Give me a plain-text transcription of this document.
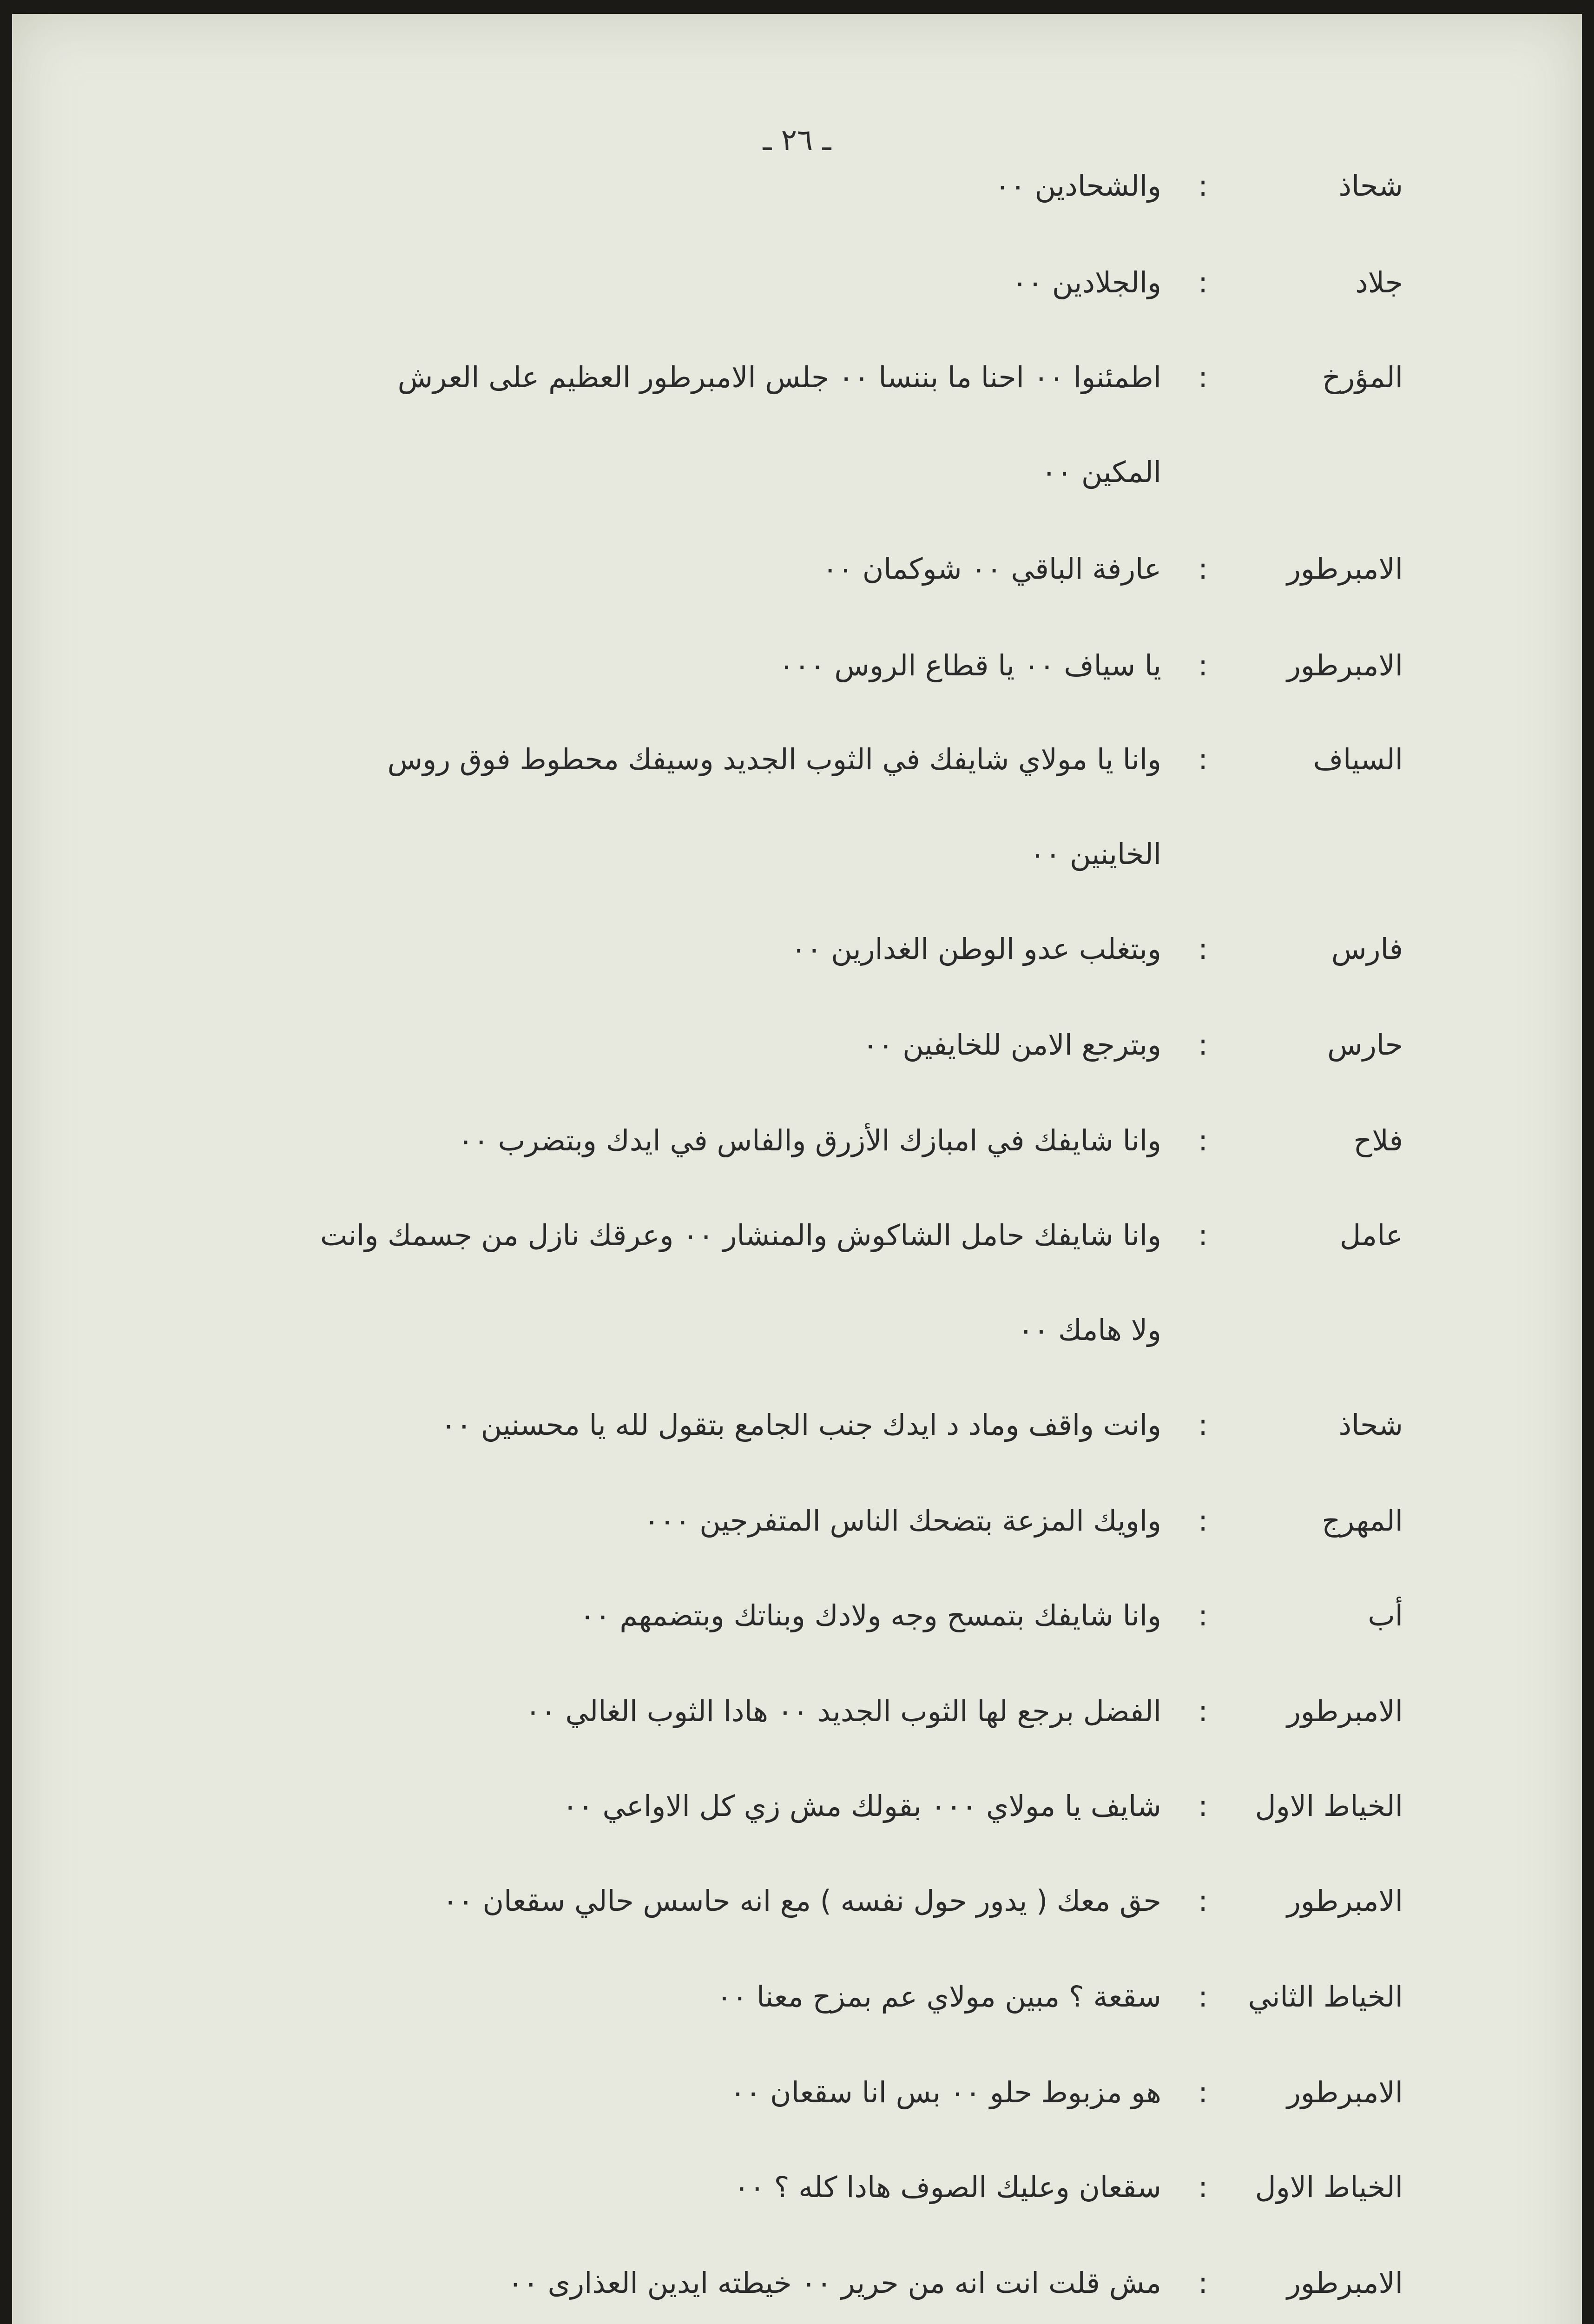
ـ ٢٦ ـ
شحاذ
:
والشحادين ٠٠
جلاد
:
والجلادين ٠٠
المؤرخ
:
اطمئنوا ٠٠ احنا ما بننسا ٠٠ جلس الامبرطور العظيم على العرش
المكين ٠٠
الامبرطور
:
عارفة الباقي ٠٠ شوكمان ٠٠
الامبرطور
:
يا سياف ٠٠ يا قطاع الروس ٠٠٠
السياف
:
وانا يا مولاي شايفك في الثوب الجديد وسيفك محطوط فوق روس
الخاينين ٠٠
فارس
:
وبتغلب عدو الوطن الغدارين ٠٠
حارس
:
وبترجع الامن للخايفين ٠٠
فلاح
:
وانا شايفك في امبازك الأزرق والفاس في ايدك وبتضرب ٠٠
عامل
:
وانا شايفك حامل الشاكوش والمنشار ٠٠ وعرقك نازل من جسمك وانت
ولا هامك ٠٠
شحاذ
:
وانت واقف وماد د ايدك جنب الجامع بتقول لله يا محسنين ٠٠
المهرج
:
واويك المزعة بتضحك الناس المتفرجين ٠٠٠
أب
:
وانا شايفك بتمسح وجه ولادك وبناتك وبتضمهم ٠٠
الامبرطور
:
الفضل برجع لها الثوب الجديد ٠٠ هادا الثوب الغالي ٠٠
الخياط الاول
:
شايف يا مولاي ٠٠٠ بقولك مش زي كل الاواعي ٠٠
الامبرطور
:
حق معك ( يدور حول نفسه ) مع انه حاسس حالي سقعان ٠٠
الخياط الثاني
:
سقعة ؟ مبين مولاي عم بمزح معنا ٠٠
الامبرطور
:
هو مزبوط حلو ٠٠ بس انا سقعان ٠٠
الخياط الاول
:
سقعان وعليك الصوف هادا كله ؟ ٠٠
الامبرطور
:
مش قلت انت انه من حرير ٠٠ خيطته ايدين العذارى ٠٠
